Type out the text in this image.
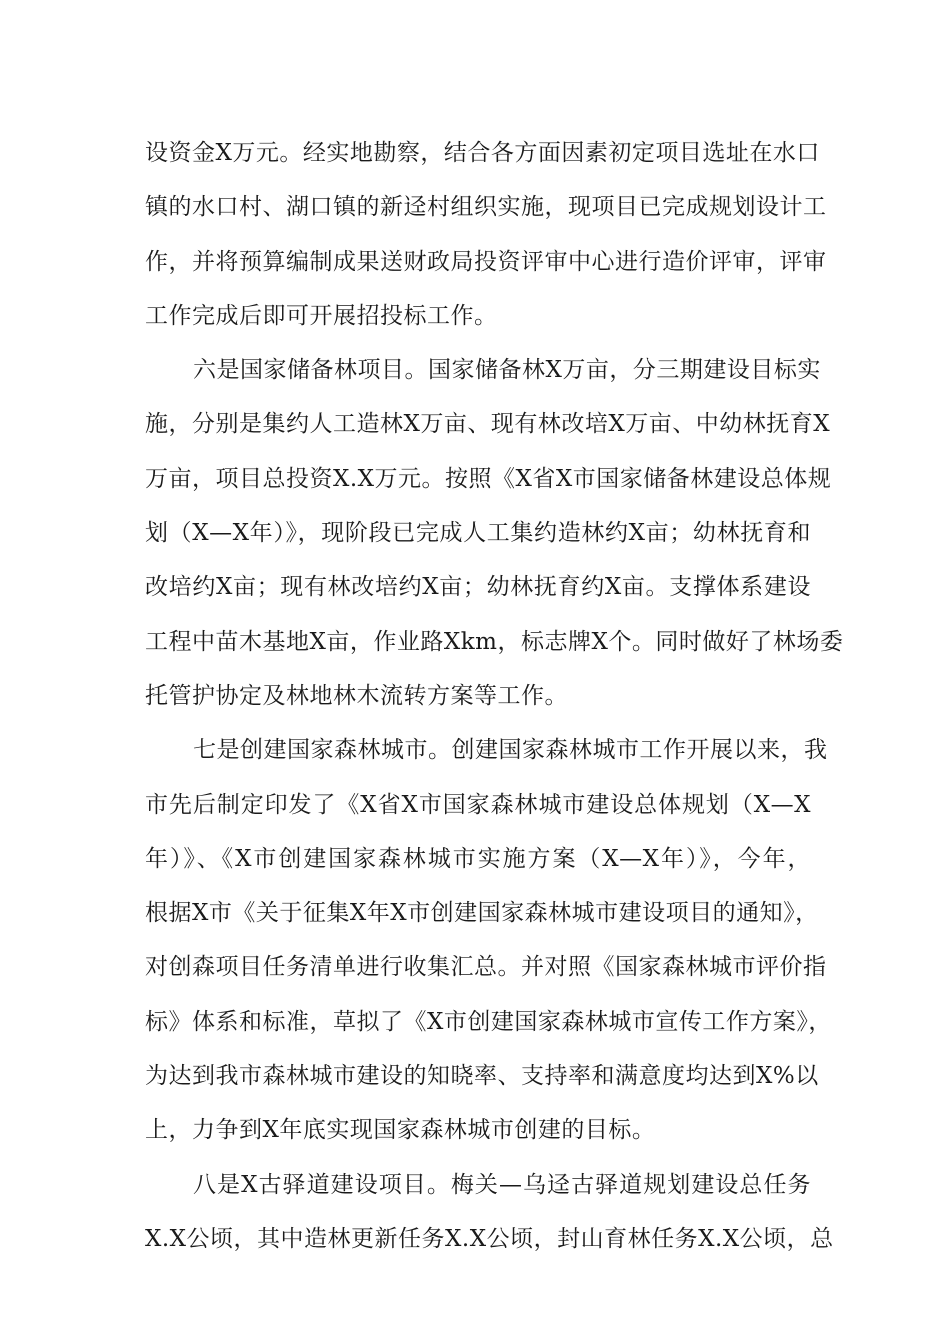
设资金X万元。经实地勘察，结合各方面因素初定项目选址在水口
镇的水口村、湖口镇的新迳村组织实施，现项目已完成规划设计工
作，并将预算编制成果送财政局投资评审中心进行造价评审，评审
工作完成后即可开展招投标工作。
六是国家储备林项目。国家储备林X万亩，分三期建设目标实
施，分别是集约人工造林X万亩、现有林改培X万亩、中幼林抚育X
万亩，项目总投资X.X万元。按照《X省X市国家储备林建设总体规
划（X—X年）》，现阶段已完成人工集约造林约X亩；幼林抚育和
改培约X亩；现有林改培约X亩；幼林抚育约X亩。支撑体系建设
工程中苗木基地X亩，作业路Xkm，标志牌X个。同时做好了林场委
托管护协定及林地林木流转方案等工作。
七是创建国家森林城市。创建国家森林城市工作开展以来，我
市先后制定印发了《X省X市国家森林城市建设总体规划（X—X
年）》、《X市创建国家森林城市实施方案（X—X年）》，今年，
根据X市《关于征集X年X市创建国家森林城市建设项目的通知》，
对创森项目任务清单进行收集汇总。并对照《国家森林城市评价指
标》体系和标准，草拟了《X市创建国家森林城市宣传工作方案》，
为达到我市森林城市建设的知晓率、支持率和满意度均达到X%以
上，力争到X年底实现国家森林城市创建的目标。
八是X古驿道建设项目。梅关—乌迳古驿道规划建设总任务
X.X公顷，其中造林更新任务X.X公顷，封山育林任务X.X公顷，总
